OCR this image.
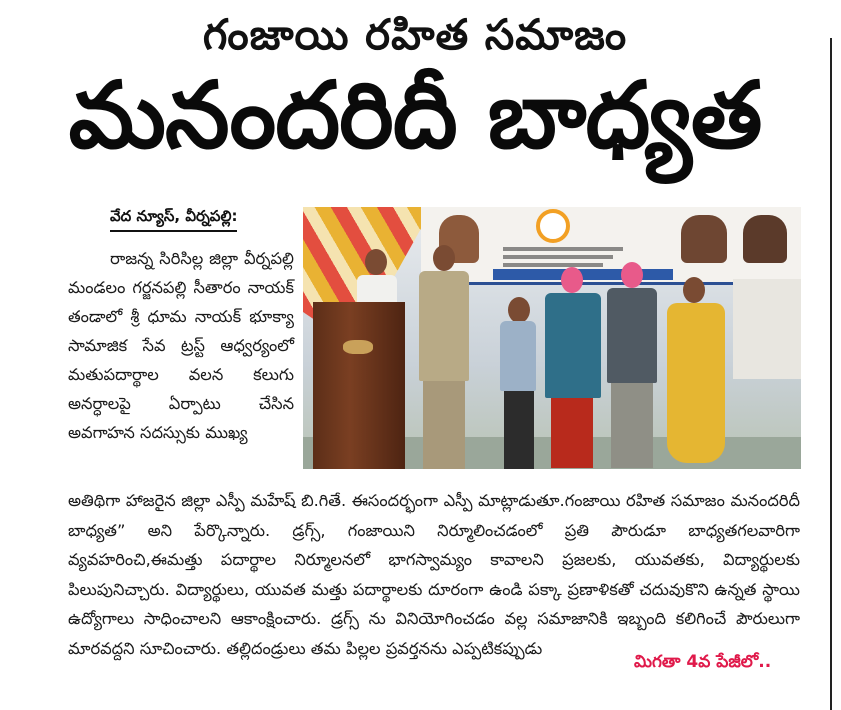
గంజాయి రహిత సమాజం
మనందరిదీ బాధ్యత
వేద న్యూస్, వీర్నపల్లి:
రాజన్న సిరిసిల్ల జిల్లా వీర్నపల్లి మండలం గర్జనపల్లి సీతారం నాయక్ తండాలో శ్రీ ధూమ నాయక్ భూక్యా సామాజిక సేవ ట్రస్ట్ ఆధ్వర్యంలో మతుపదార్థాల వలన కలుగు అనర్ధాలపై ఏర్పాటు చేసిన అవగాహన సదస్సుకు ముఖ్య
అతిథిగా హాజరైన జిల్లా ఎస్పీ మహేష్ బి.గితే. ఈసందర్భంగా ఎస్పీ మాట్లాడుతూ.గంజాయి రహిత సమాజం మనందరిదీ బాధ్యత” అని పేర్కొన్నారు. డ్రగ్స్, గంజాయిని నిర్మూలించడంలో ప్రతి పౌరుడూ బాధ్యతగలవారిగా వ్యవహరించి,ఈమత్తు పదార్థాల నిర్మూలనలో భాగస్వామ్యం కావాలని ప్రజలకు, యువతకు, విద్యార్థులకు పిలుపునిచ్చారు. విద్యార్థులు, యువత మత్తు పదార్థాలకు దూరంగా ఉండి పక్కా ప్రణాళికతో చదువుకొని ఉన్నత స్థాయి ఉద్యోగాలు సాధించాలని ఆకాంక్షించారు. డ్రగ్స్ ను వినియోగించడం వల్ల సమాజానికి ఇబ్బంది కలిగించే పౌరులుగా మారవద్దని సూచించారు. తల్లిదండ్రులు తమ పిల్లల ప్రవర్తనను ఎప్పటికప్పుడు
మిగతా 4వ పేజీలో..
